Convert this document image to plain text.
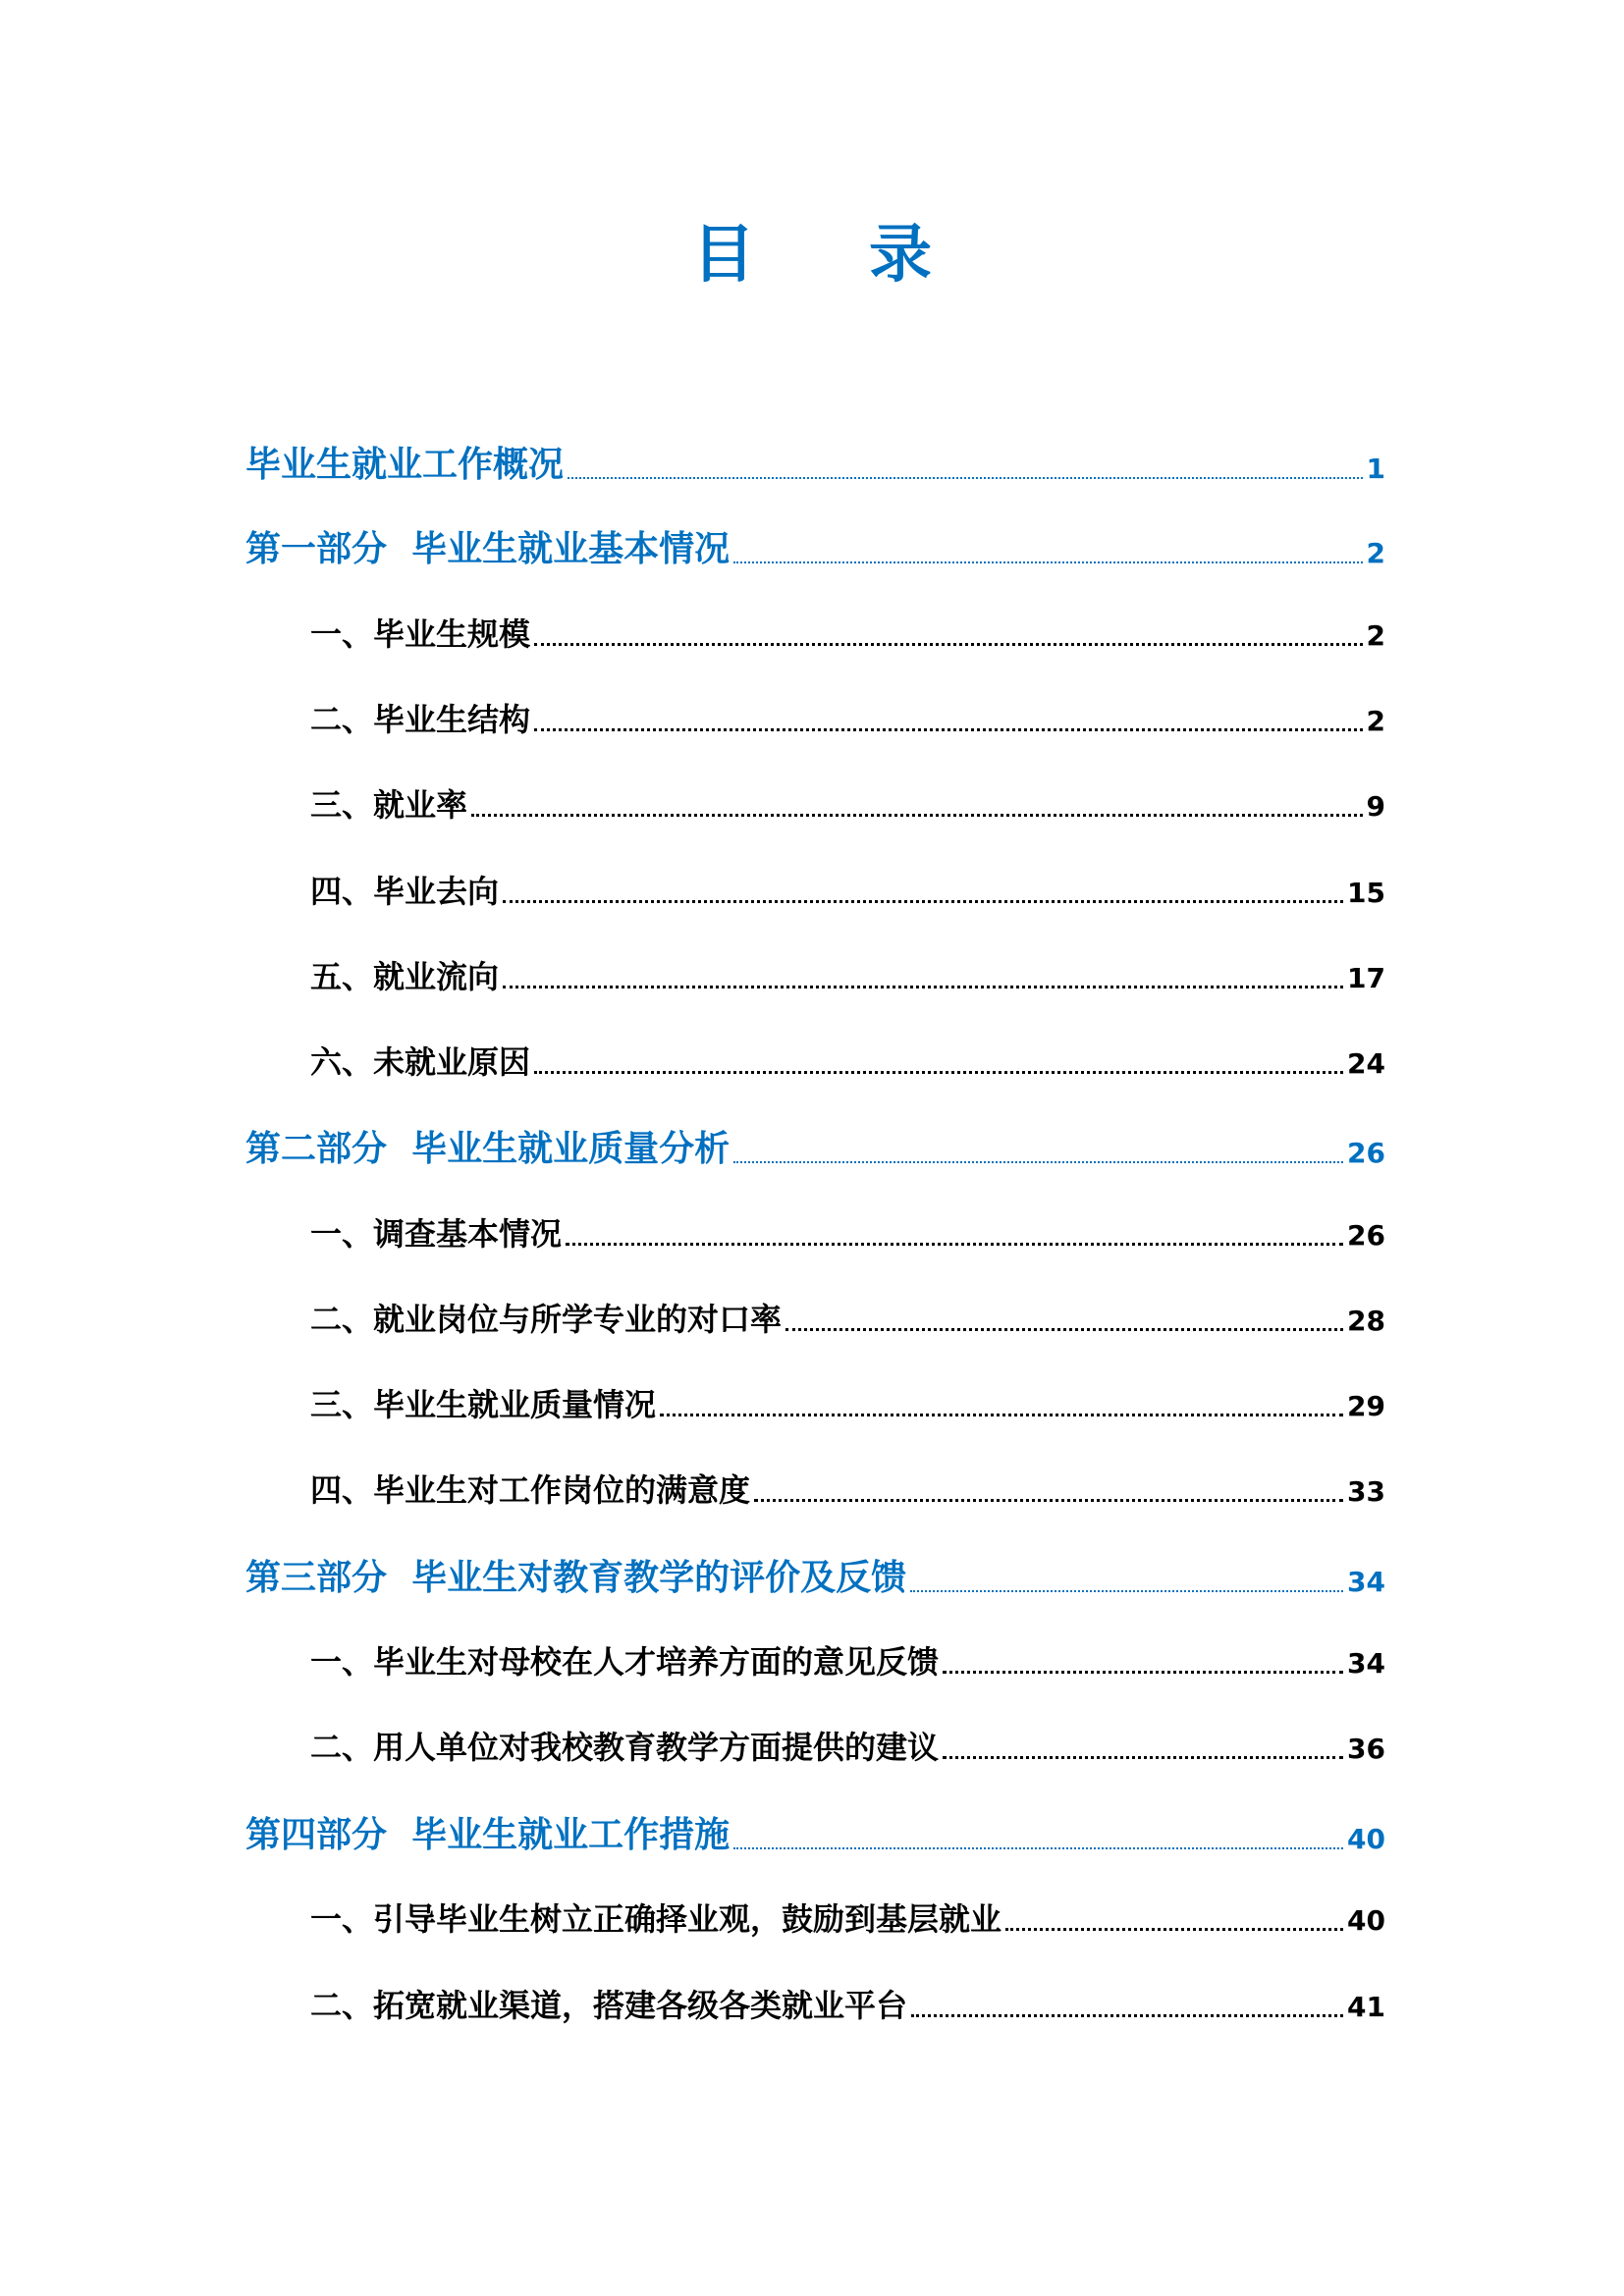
目 录
毕业生就业工作概况	1
第一部分  毕业生就业基本情况	2
一、毕业生规模	2
二、毕业生结构	2
三、就业率	9
四、毕业去向	15
五、就业流向	17
六、未就业原因	24
第二部分  毕业生就业质量分析	26
一、调查基本情况	26
二、就业岗位与所学专业的对口率	28
三、毕业生就业质量情况	29
四、毕业生对工作岗位的满意度	33
第三部分  毕业生对教育教学的评价及反馈	34
一、毕业生对母校在人才培养方面的意见反馈	34
二、用人单位对我校教育教学方面提供的建议	36
第四部分  毕业生就业工作措施	40
一、引导毕业生树立正确择业观，鼓励到基层就业	40
二、拓宽就业渠道，搭建各级各类就业平台	41
